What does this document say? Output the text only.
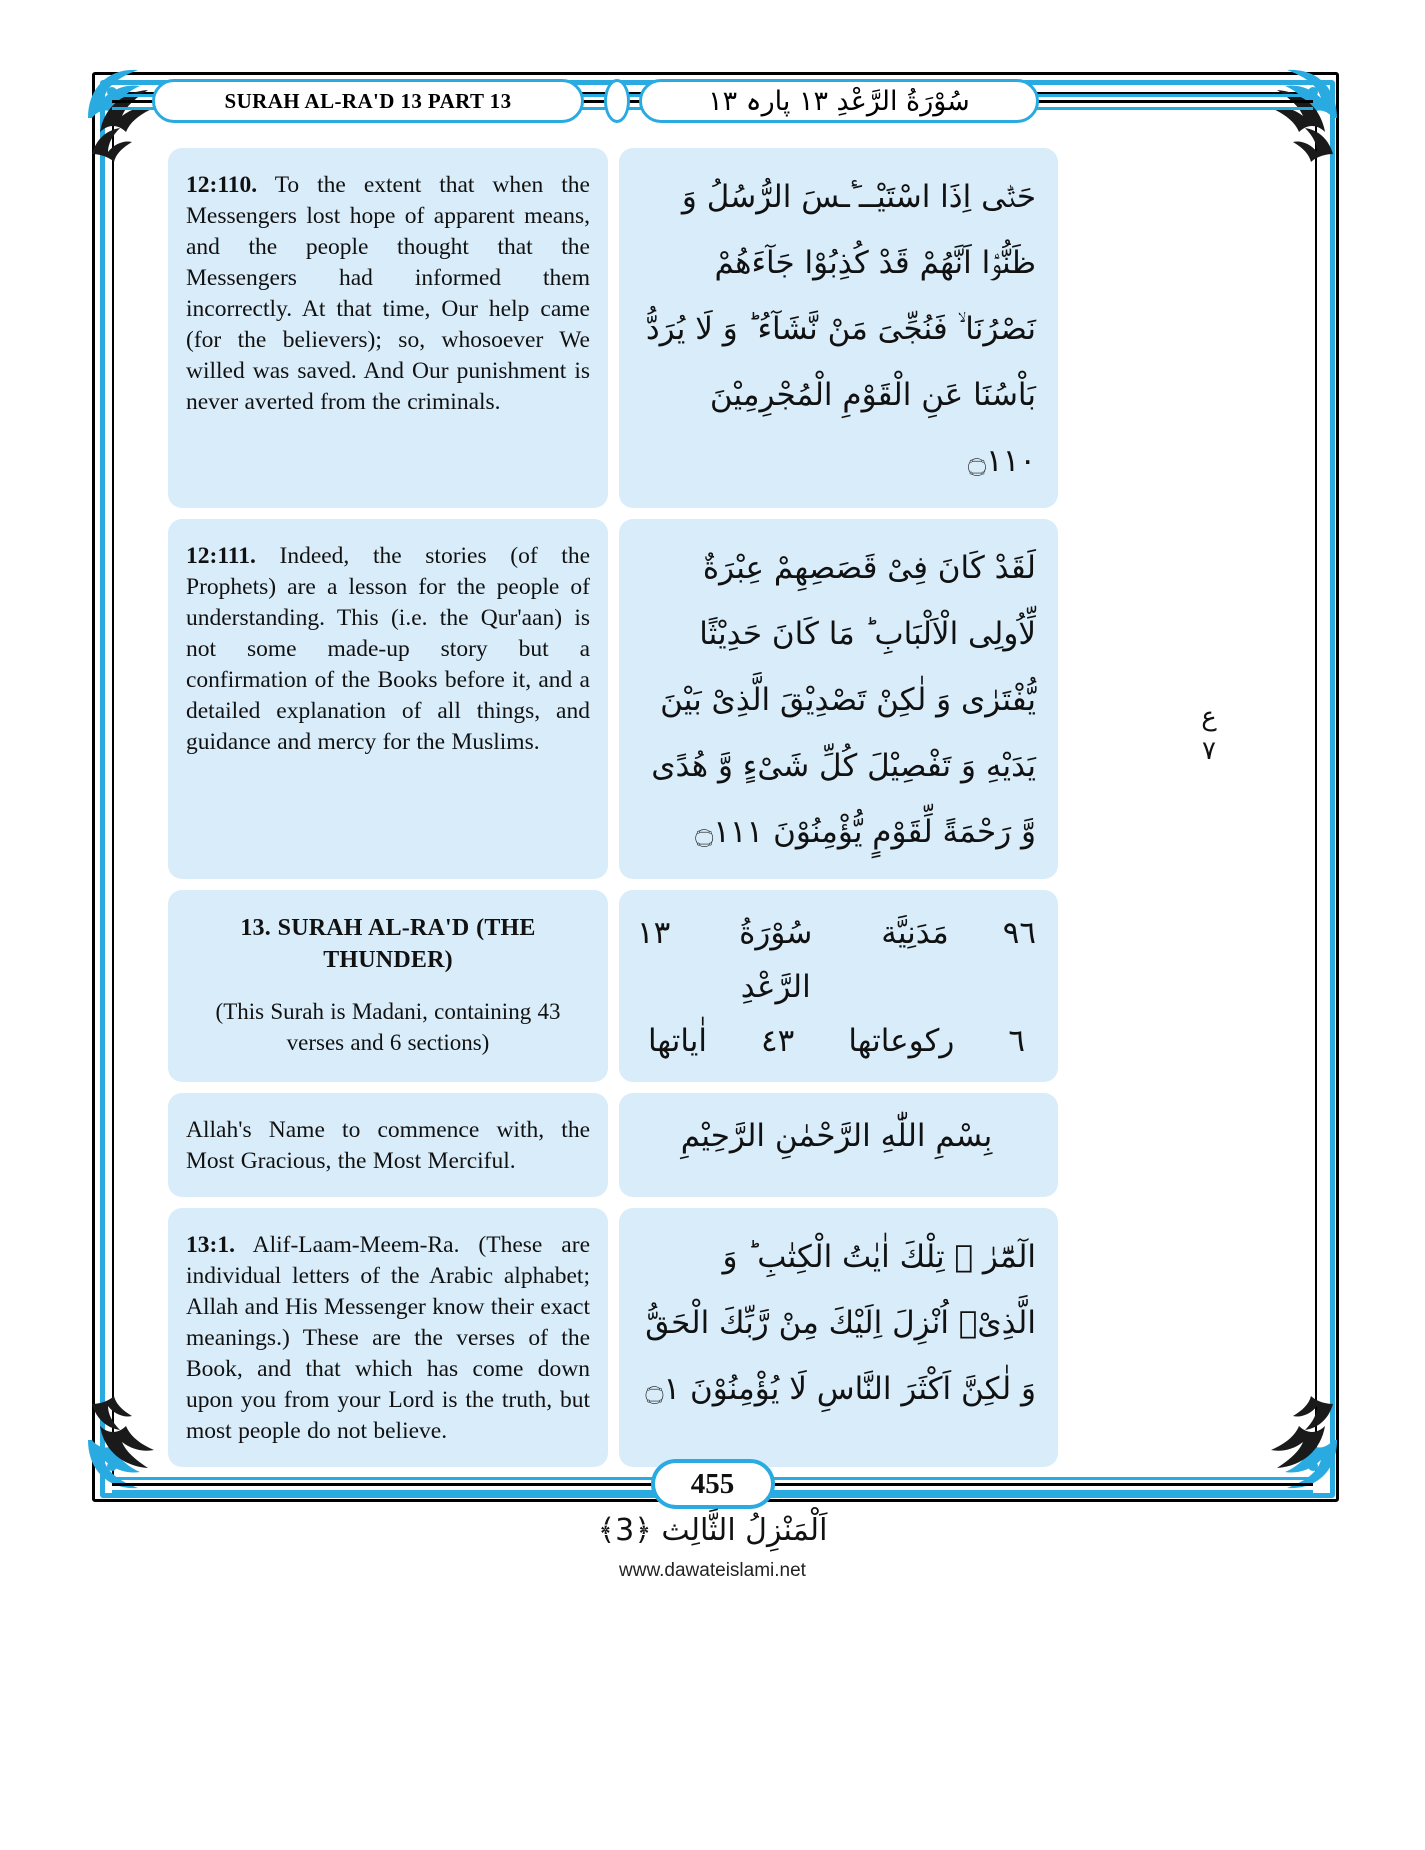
SURAH AL-RA'D 13 PART 13	سُوْرَةُ الرَّعْدِ ١٣ پارہ ١٣
ع
۷
12:110. To the extent that when the Messengers lost hope of apparent means, and the people thought that the Messengers had informed them incorrectly. At that time, Our help came (for the believers); so, whosoever We willed was saved. And Our punishment is never averted from the criminals.
حَتّٰۤى اِذَا اسْتَیْــٴَـسَ الرُّسُلُ وَ ظَنُّوْۤا اَنَّهُمْ قَدْ كُذِبُوْا جَآءَهُمْ نَصْرُنَا ۙ فَنُجِّیَ مَنْ نَّشَآءُ ؕ وَ لَا یُرَدُّ بَاْسُنَا عَنِ الْقَوْمِ الْمُجْرِمِیْنَ ۝١١٠
12:111. Indeed, the stories (of the Prophets) are a lesson for the people of understanding. This (i.e. the Qur'aan) is not some made-up story but a confirmation of the Books before it, and a detailed explanation of all things, and guidance and mercy for the Muslims.
لَقَدْ كَانَ فِیْ قَصَصِهِمْ عِبْرَةٌ لِّاُولِی الْاَلْبَابِ ؕ مَا كَانَ حَدِیْثًا یُّفْتَرٰى وَ لٰكِنْ تَصْدِیْقَ الَّذِیْ بَیْنَ یَدَیْهِ وَ تَفْصِیْلَ كُلِّ شَیْءٍ وَّ هُدًى وَّ رَحْمَةً لِّقَوْمٍ یُّؤْمِنُوْنَ ۝١١١
13. SURAH AL-RA'D (THE THUNDER)
(This Surah is Madani, containing 43 verses and 6 sections)
٩٦
مَدَنِيَّة
سُوْرَةُ الرَّعْدِ
١٣
٦
رکوعاتها
٤٣
اٰیاتها
Allah's Name to commence with, the Most Gracious, the Most Merciful.
بِسْمِ اللّٰهِ الرَّحْمٰنِ الرَّحِیْمِ
13:1. Alif-Laam-Meem-Ra. (These are individual letters of the Arabic alphabet; Allah and His Messenger know their exact meanings.) These are the verses of the Book, and that which has come down upon you from your Lord is the truth, but most people do not believe.
الٓمّٓرٰ ۫ تِلْكَ اٰیٰتُ الْكِتٰبِ ؕ وَ الَّذِیْۤ اُنْزِلَ اِلَیْكَ مِنْ رَّبِّكَ الْحَقُّ وَ لٰكِنَّ اَكْثَرَ النَّاسِ لَا یُؤْمِنُوْنَ ۝١
455
اَلْمَنْزِلُ الثَّالِث ﴿3﴾
www.dawateislami.net
